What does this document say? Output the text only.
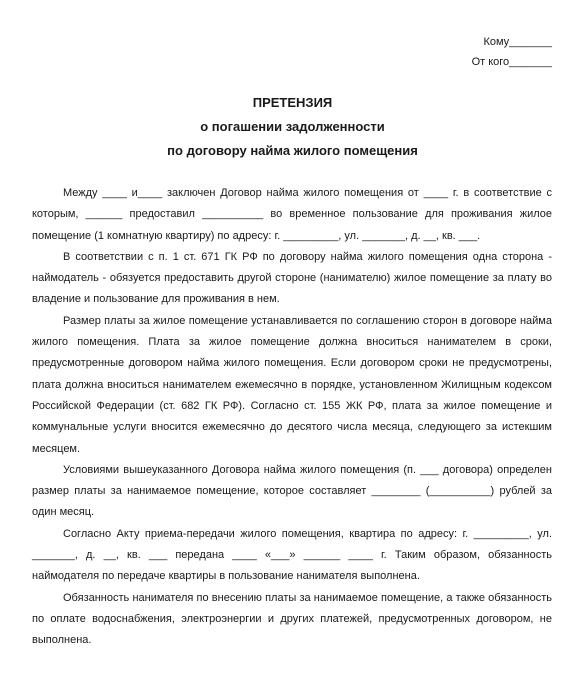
Кому_______
От кого_______
ПРЕТЕНЗИЯ
о погашении задолженности
по договору найма жилого помещения

Между ____ и____ заключен Договор найма жилого помещения от ____ г. в соответствие с которым, ______ предоставил __________ во временное пользование для проживания жилое помещение (1 комнатную квартиру) по адресу: г. _________, ул. _______, д. __, кв. ___.

В соответствии с п. 1 ст. 671 ГК РФ по договору найма жилого помещения одна сторона - наймодатель - обязуется предоставить другой стороне (нанимателю) жилое помещение за плату во владение и пользование для проживания в нем.

Размер платы за жилое помещение устанавливается по соглашению сторон в договоре найма жилого помещения. Плата за жилое помещение должна вноситься нанимателем в сроки, предусмотренные договором найма жилого помещения. Если договором сроки не предусмотрены, плата должна вноситься нанимателем ежемесячно в порядке, установленном Жилищным кодексом Российской Федерации (ст. 682 ГК РФ). Согласно ст. 155 ЖК РФ, плата за жилое помещение и коммунальные услуги вносится ежемесячно до десятого числа месяца, следующего за истекшим месяцем.

Условиями вышеуказанного Договора найма жилого помещения (п. ___ договора) определен размер платы за нанимаемое помещение, которое составляет ________ (__________) рублей за один месяц.

Согласно Акту приема-передачи жилого помещения, квартира по адресу: г. _________, ул. _______, д. __, кв. ___ передана ____ «___» ______ ____ г. Таким образом, обязанность наймодателя по передаче квартиры в пользование нанимателя выполнена.

Обязанность нанимателя по внесению платы за нанимаемое помещение, а также обязанность по оплате водоснабжения, электроэнергии и других платежей, предусмотренных договором, не выполнена.
